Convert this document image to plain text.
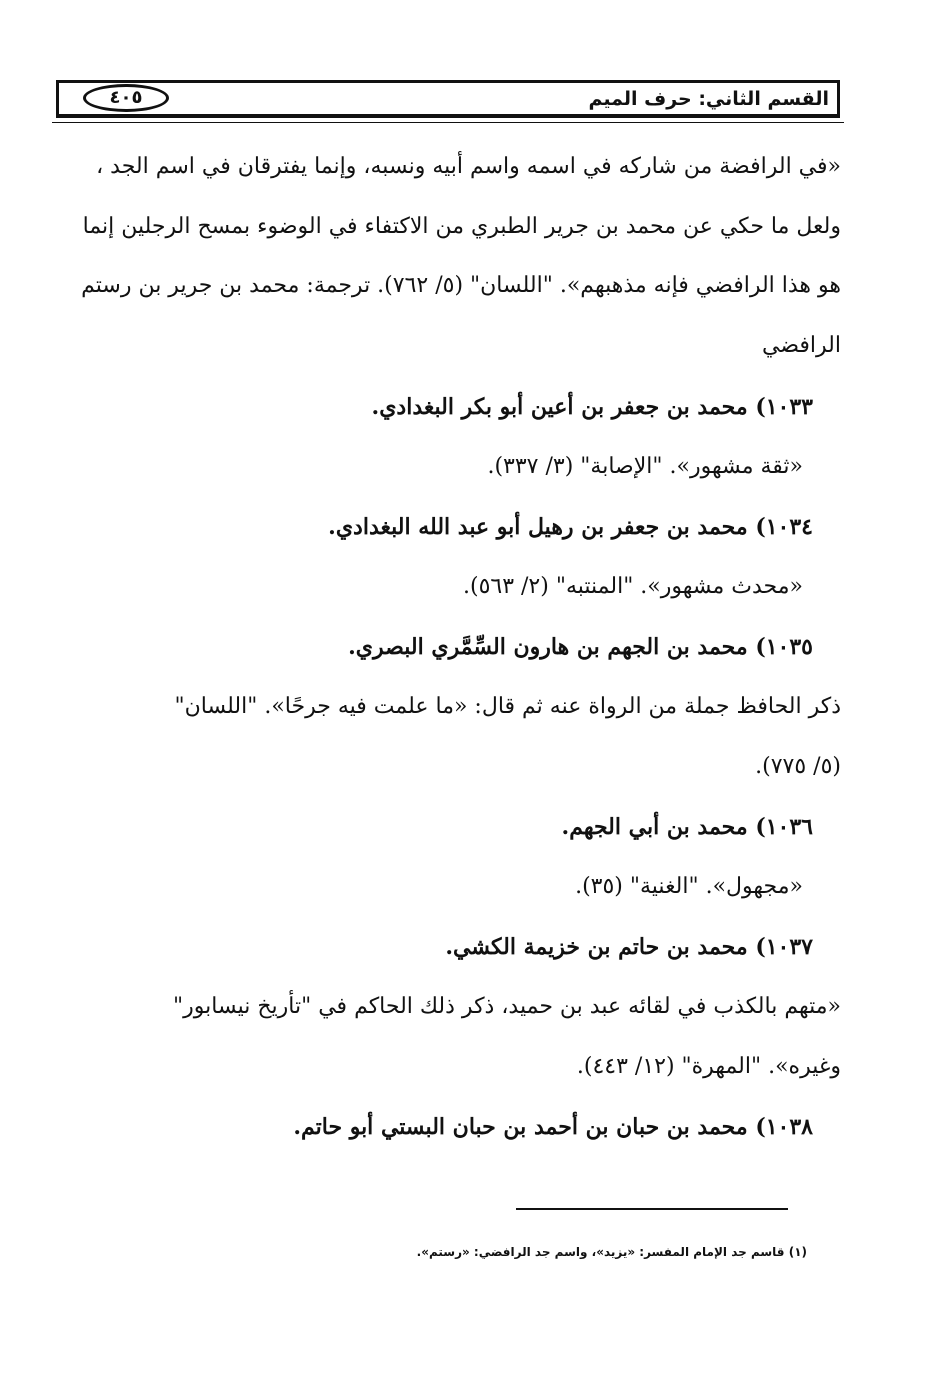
القسم الثاني: حرف الميم
٤٠٥
«في الرافضة من شاركه في اسمه واسم أبيه ونسبه، وإنما يفترقان في اسم الجد ،
ولعل ما حكي عن محمد بن جرير الطبري من الاكتفاء في الوضوء بمسح الرجلين إنما
هو هذا الرافضي فإنه مذهبهم». "اللسان" (٥/ ٧٦٢). ترجمة: محمد بن جرير بن رستم
الرافضي
١٠٣٣) محمد بن جعفر بن أعين أبو بكر البغدادي.
«ثقة مشهور». "الإصابة" (٣/ ٣٣٧).
١٠٣٤) محمد بن جعفر بن رهيل أبو عبد الله البغدادي.
«محدث مشهور». "المنتبه" (٢/ ٥٦٣).
١٠٣٥) محمد بن الجهم بن هارون السِّمَّري البصري.
ذكر الحافظ جملة من الرواة عنه ثم قال: «ما علمت فيه جرحًا». "اللسان"
(٥/ ٧٧٥).
١٠٣٦) محمد بن أبي الجهم.
«مجهول». "الغنية" (٣٥).
١٠٣٧) محمد بن حاتم بن خزيمة الكشي.
«متهم بالكذب في لقائه عبد بن حميد، ذكر ذلك الحاكم في "تأريخ نيسابور"
وغيره». "المهرة" (١٢/ ٤٤٣).
١٠٣٨) محمد بن حبان بن أحمد بن حبان البستي أبو حاتم.
(١) قاسم جد الإمام المفسر: «يزيد»، واسم جد الرافضي: «رستم».
